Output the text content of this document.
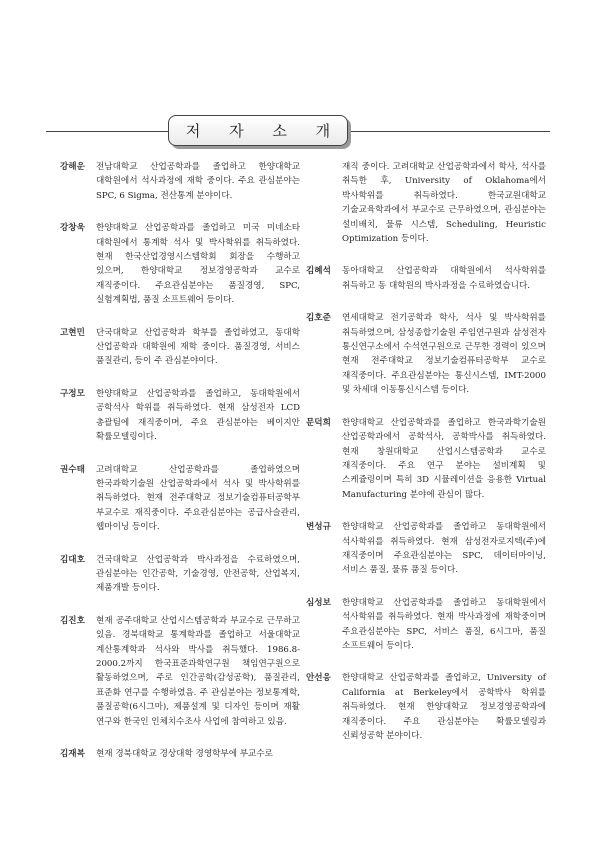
저 자 소 개
강해운	전남대학교 산업공학과를 졸업하고 한양대학교 대학원에서 석사과정에 재학 중이다. 주요 관심분야는 SPC, 6 Sigma, 전산통계 분야이다.
강창욱	한양대학교 산업공학과를 졸업하고 미국 미네소타 대학원에서 통계학 석사 및 박사학위를 취득하였다. 현재 한국산업경영시스템학회 회장을 수행하고 있으며, 한양대학교 정보경영공학과 교수로 재직중이다. 주요관심분야는 품질경영, SPC, 실험계획법, 품질 소프트웨어 등이다.
고현민	단국대학교 산업공학과 학부를 졸업하였고, 동대학 산업공학과 대학원에 재학 중이다. 품질경영, 서비스 품질관리, 등이 주 관심분야이다.
구정모	한양대학교 산업공학과를 졸업하고, 동대학원에서 공학석사 학위를 취득하였다. 현재 삼성전자 LCD 총괄팀에 재직중이며, 주요 관심분야는 베이지안 확률모델링이다.
권수태	고려대학교 산업공학과를 졸업하였으며 한국과학기술원 산업공학과에서 석사 및 박사학위를 취득하였다. 현재 전주대학교 정보기술컴퓨터공학부 부교수로 재직중이다. 주요관심분야는 공급사슬관리, 웹마이닝 등이다.
김대호	건국대학교 산업공학과 박사과정을 수료하였으며, 관심분야는 인간공학, 기술경영, 안전공학, 산업복지, 제품개발 등이다.
김진호	현재 공주대학교 산업시스템공학과 부교수로 근무하고 있음. 경북대학교 통계학과를 졸업하고 서울대학교 계산통계학과 석사와 박사를 취득했다. 1986.8-2000.2까지 한국표준과학연구원 책임연구원으로 활동하였으며, 주로 인간공학(감성공학), 품질관리, 표준화 연구를 수행하였음. 주 관심분야는 정보통계학, 품질공학(6시그마), 제품설계 및 디자인 등이며 재활 연구와 한국인 인체치수조사 사업에 참여하고 있음.
김재복	현재 경북대학교 경상대학 경영학부에 부교수로
재직 중이다. 고려대학교 산업공학과에서 학사, 석사를 취득한 후, University of Oklahoma에서 박사학위를 취득하였다. 한국교원대학교 기술교육학과에서 부교수로 근무하였으며, 관심분야는 설비배치, 물류 시스템, Scheduling, Heuristic Optimization 등이다.
김혜석	동아대학교 산업공학과 대학원에서 석사학위를 취득하고 동 대학원의 박사과정을 수료하였습니다.
김호준	연세대학교 전기공학과 학사, 석사 및 박사학위를 취득하였으며, 삼성종합기술원 주임연구원과 삼성전자 통신연구소에서 수석연구원으로 근무한 경력이 있으며 현재 전주대학교 정보기술컴퓨터공학부 교수로 재직중이다. 주요관심분야는 통신시스템, IMT-2000 및 차세대 이동통신시스템 등이다.
문덕희	한양대학교 산업공학과를 졸업하고 한국과학기술원 산업공학과에서 공학석사, 공학박사를 취득하였다. 현재 창원대학교 산업시스템공학과 교수로 재직중이다. 주요 연구 분야는 설비계획 및 스케쥴링이며 특히 3D 시뮬레이션을 응용한 Virtual Manufacturing 분야에 관심이 많다.
변성규	한양대학교 산업공학과를 졸업하고 동대학원에서 석사학위를 취득하였다. 현재 삼성전자로지텍(주)에 재직중이며 주요관심분야는 SPC, 데이터마이닝, 서비스 품질, 물류 품질 등이다.
심성보	한양대학교 산업공학과를 졸업하고 동대학원에서 석사학위를 취득하였다. 현재 박사과정에 재학중이며 주요관심분야는 SPC, 서비스 품질, 6시그마, 품질 소프트웨어 등이다.
안선응	한양대학교 산업공학과를 졸업하고, University of California at Berkeley에서 공학박사 학위를 취득하였다. 현재 한양대학교 정보경영공학과에 재직중이다. 주요 관심분야는 확률모델링과 신뢰성공학 분야이다.
